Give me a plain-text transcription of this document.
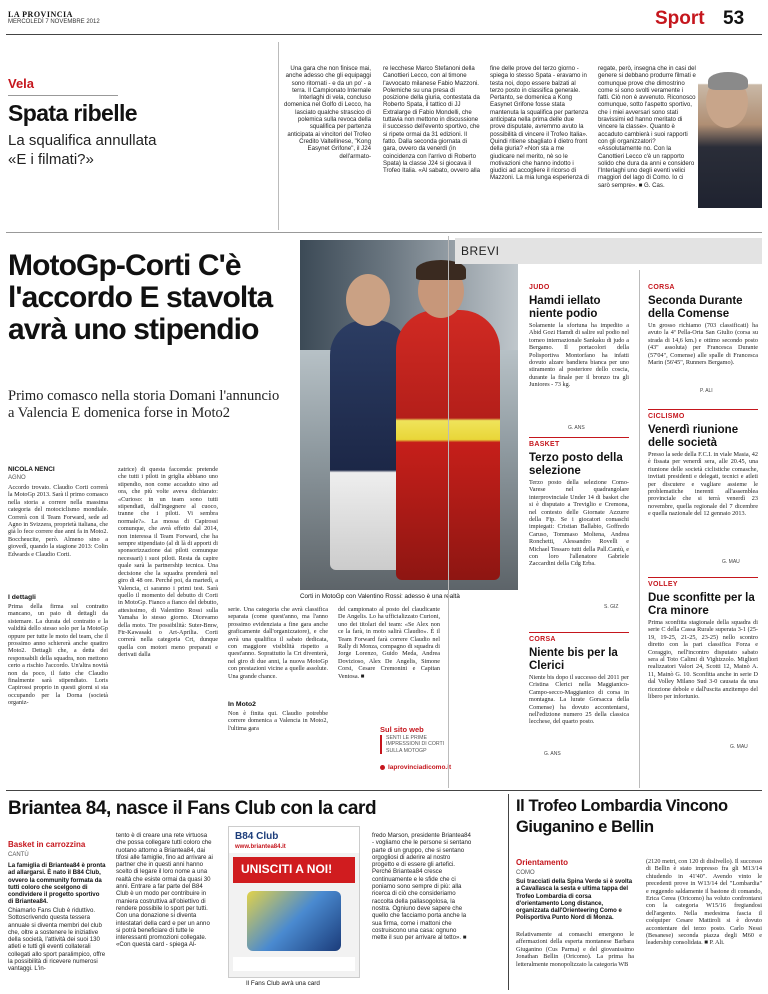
LA PROVINCIA
MERCOLEDÌ 7 NOVEMBRE 2012	Sport 53
Vela
Spata ribelle
La squalifica annullata «E i filmati?»
Una gara che non finisce mai, anche adesso che gli equipaggi sono ritornati - e da un po' - a terra. Il Campionato Internale Interlaghi di vela, concluso domenica nel Golfo di Lecco, ha lasciato qualche strascico di polemica sulla revoca della squalifica per partenza anticipata ai vincitori del Trofeo Credito Valtellinese, "Kong Easynet Grifone", il J24 dell'armato-
re lecchese Marco Stefanoni della Canottieri Lecco, con al timone l'avvocato milanese Fabio Mazzoni. Polemiche su una presa di posizione della giuria, contestata da Roberto Spata, il tattico di JJ Extralarge di Fabio Mondelli, che tuttavia non mettono in discussione il successo dell'evento sportivo, che si ripete ormai da 31 edizioni. Il fatto. Dalla seconda giornata di gara, ovvero da venerdì (in coincidenza con l'arrivo di Roberto Spata) la classe J24 si giocava il Trofeo Italia. «Al sabato, ovvero alla
fine delle prove del terzo giorno - spiega lo stesso Spata - eravamo in testa noi, dopo essere balzati al terzo posto in classifica generale. Pertanto, se domenica a Kong Easynet Grifone fosse stata mantenuta la squalifica per partenza anticipata nella prima delle due prove disputate, avremmo avuto la possibilità di vincere il Trofeo Italia». Quindi ritiene sbagliato il dietro front della giuria? «Non sta a me giudicare nel merito, nè so le motivazioni che hanno indotto i giudici ad accogliere il ricorso di Mazzoni. La mia lunga esperienza di
regate, però, insegna che in casi del genere si debbano produrre filmati e comunque prove che dimostrino come si sono svolti veramente i fatti. Ciò non è avvenuto. Riconosco comunque, sotto l'aspetto sportivo, che i miei avversari sono stati bravissimi ed hanno meritato di vincere la classe». Quanto è accaduto cambierà i suoi rapporti con gli organizzatori? «Assolutamente no. Con la Canottieri Lecco c'è un rapporto solido che dura da anni e considero l'Interlaghi uno degli eventi velici maggiori del lago di Como. Io ci sarò sempre». ■ G. Cas.
MotoGp-Corti C'è l'accordo E stavolta avrà uno stipendio
Primo comasco nella storia Domani l'annuncio a Valencia E domenica forse in Moto2
NICOLA NENCI
AGNO
Accordo trovato. Claudio Corti correrà la MotoGp 2013. Sarà il primo comasco nella storia a correre nella massima categoria del motociclismo mondiale. Correrà con il Team Forward, sede ad Agno in Svizzera, proprietà italiana, che già lo fece correre due anni fa in Moto2. Boccheucite, però. Almeno sino a giovedì, quando la stagione 2013: Colin Edwards e Claudio Corti.
I dettagli
Prima della firma sul contratto mancano, un paio di dettagli da sistemare. La durata del contratto e la validità dello stesso solo per la MotoGp oppure per tutte le moto del team, che il prossimo anno schiererà anche quattro Moto2. Dettagli che, a detta dei responsabili della squadra, non mettono certo a rischio l'accordo. Un'altra novità non da poco, il fatto che Claudio finalmente sarà stipendiato. Loris Capirossi proprio in questi giorni si sta occupando per la Dorna (società organiz-
zatrice) di questa faccenda: pretende che tutti i piloti in griglia abbiano uno stipendio, non come accaduto sino ad ora, che più volte aveva dichiarato: «Curioso: in un team sono tutti stipendiati, dall'ingegnere al cuoco, tranne che i piloti. Vi sembra normale?». La mossa di Capirossi comunque, che avrà effetto dal 2014, non interessa il Team Forward, che ha sempre stipendiato (al di là di apporti di sponsorizzazione dai piloti comunque necessari) i suoi piloti. Resta da capire quale sarà la partnership tecnica. Una decisione che la squadra prenderà nel giro di 48 ore. Perché poi, da martedì, a Valencia, ci saranno i primi test. Sarà quello il momento del debutto di Corti in MotoGp. Fianco a fianco del debutto, attesissimo, di Valentino Rossi sulla Yamaha lo stesso giorno. Dicevamo della moto. Tre possibilità: Suter-Bmw, Ftr-Kawasaki o Art-Aprilia. Corti correrà nella categoria Crt, dunque quella con motori meno preparati e derivati dalla
Corti in MotoGp con Valentino Rossi: adesso è una realtà
serie. Una categoria che avrà classifica separata (come quest'anno, ma l'anno prossimo evidenziata a fine gara anche graficamente dall'organizzatore), e che avrà una qualifica il sabato dedicata, con maggiore visibilità rispetto a quest'anno. Soprattutto la Crt diventerà, nel giro di due anni, la nuova MotoGp con prestazioni vicine a quelle assolute. Una grande chance.
In Moto2
Non è finita qui. Claudio potrebbe correre domenica a Valencia in Moto2, l'ultima gara
del campionato al posto del claudicante De Angelis. Lo ha ufficializzato Curioni, uno dei titolari del team: «Se Alex non ce la farà, in moto salirà Claudio». È il Team Forward farà correre Claudio nel Rally di Monza, compagno di squadra di Jorge Lorenzo, Guido Meda, Andrea Dovizioso, Alex De Angelis, Simone Corsi, Cesare Cremonini e Capitan Ventosa. ■
Sul sito web
SENTI LE PRIME IMPRESSIONI DI CORTI SULLA MOTOGP
laprovinciadicomo.it
BREVI
JUDO
Hamdi iellato niente podio
Solamente la sfortuna ha impedito a Abid Gozi Hamdi di salire sul podio nel torneo internazionale Sankaku di judo a Bergamo. Il portacolori della Polisportiva Montorfano ha infatti dovuto alzare bandiera bianca per uno stiramento al posteriore dello coscia, durante la finale per il bronzo tra gli Juniores - 73 kg.
G. ANS
BASKET
Terzo posto della selezione
Terzo posto della selezione Como-Varese nel quadrangolare interprovinciale Under 14 di basket che si è disputato a Treviglio e Cremona, nel contesto delle Giornate Azzurre della Fip. Se i giocatori comaschi impiegati: Cristian Ballabio, Goffredo Caruso, Tommaso Moltena, Andrea Ronchetti, Alessandro Rovelli e Michael Tessaro tutti della Pall.Cantù, e con loro l'allenatore Gabriele Zaccardini della Cdg Erba.
S. GIZ
CORSA
Niente bis per la Clerici
Niente bis dopo il successo del 2011 per Cristina Clerici nella Maggianico-Campo-secco-Maggianico di corsa in montagna. La lurate Gorsacca della Comense) ha dovuto accontentarsi, nell'edizione numero 25 della classica lecchese, del quarto posto.
G. ANS
CORSA
Seconda Durante della Comense
Un grosso richiamo (703 classificati) ha avuto la 4ª Pella-Orta San Giulio (corsa su strada di 14,6 km.) e ottimo secondo posto (43'' assoluta) per Francesca Durante (57'04", Comense) alle spalle di Francesca Marin (56'45", Runners Bergamo).
P. ALI
CICLISMO
Venerdì riunione delle società
Presso la sede della F.C.I. in viale Masia, 42 è fissata per venerdì sera, alle 20.45, una riunione delle società ciclistiche comasche, invitati presidenti e delegati, tecnici e atleti per discutere e vagliare assieme le problematiche inerenti all'assemblea provinciale che si terrà venerdì 23 novembre, quella regionale del 7 dicembre e quella nazionale del 12 gennaio 2013.
G. MAU
VOLLEY
Due sconfitte per la Cra minore
Prima sconfitta stagionale della squadra di serie C della Cassa Rurale superata 3-1 (25-19, 19-25, 21-25, 23-25) nello scontro diretto con la pari classifica Forza e Coraggio, nell'incontro disputato sabato sera al Toto Calimi di Vighizzolo. Migliori realizzatori Valori 24, Scotti 12, Mainò A. 11, Mainò G. 10. Sconfitta anche in serie D dal Volley Milano Sud 3-0 causata da una ricezione debole e dall'uscita anzitempo del libero per infortunio.
G. MAU
Briantea 84, nasce il Fans Club con la card
Basket in carrozzina
CANTÙ
La famiglia di Briantea84 è pronta ad allargarsi. È nato il B84 Club, ovvero la community formata da tutti coloro che scelgono di condividere il progetto sportivo di Briantea84.
Chiamarlo Fans Club è riduttivo. Sottoscrivendo questa tessera annuale si diventa membri del club che, oltre a sostenere le iniziative della società, l'attività dei suoi 130 atleti e tutti gli eventi collaterali collegati allo sport paralimpico, offre la possibilità di ricevere numerosi vantaggi. L'in-
tento è di creare una rete virtuosa che possa collegare tutti coloro che ruotano attorno a Briantea84, dai tifosi alle famiglie, fino ad arrivare ai partner che in questi anni hanno scelto di legare il loro nome a una realtà che esiste ormai da quasi 30 anni. Entrare a far parte del B84 Club è un modo per contribuire in maniera costruttiva all'obiettivo di rendere possibile lo sport per tutti. Con una donazione si diventa intestatari della card e per un anno si potrà beneficiare di tutte le interessanti promozioni collegate. «Con questa card - spiega Al-
B84 Club
www.briantea84.it
UNISCITI A NOI!
Il Fans Club avrà una card
fredo Marson, presidente Briantea84 - vogliamo che le persone si sentano parte di un gruppo, che si sentano orgogliosi di aderire al nostro progetto e di essere gli artefici. Perché Briantea84 cresce continuamente e le sfide che ci poniamo sono sempre di più: alla ricerca di ciò che consideriamo raccolta della pallasogolosa, la nostra. Ogniuno deve sapere che quello che facciamo porta anche la sua firma, come i mattoni che costruiscono una casa: ognuno mette il suo per arrivare al tetto». ■
Il Trofeo Lombardia Vincono Giuganino e Bellin
Orientamento
COMO
Sui tracciati della Spina Verde si è svolta a Cavallasca la sesta e ultima tappa del Trofeo Lombardia di corsa d'orientamento Long distance, organizzata dall'Orienteering Como e Polisportiva Punto Nord di Monza.
Relativamente ai comaschi emergono le affermazioni della esperta montanese Barbara Giuganino (Cus Parma) e del giovanissimo Jonathan Bellin (Oricomo). La prima ha letteralmente monopolizzato la categoria WB
(2120 metri, con 120 di dislivello). Il successo di Bellin è stato impresso fra gli M13/14 chiudendo in 41'40". Avendo vinto le precedenti prove in W13/14 del "Lombardia" e reggendo saldamente il bastone di comando, Erica Cerea (Oricomo) ha voluto confrontarsi con la categoria W15/16 fregiandosi dell'argento. Nella medesima fascia il coéquiper Cesare Mattiroli si è dovuto accontentare del terzo posto. Carlo Nessi (Besanese) seconda piazza degli M60 e leadership consolidata. ■ P. Ali.
